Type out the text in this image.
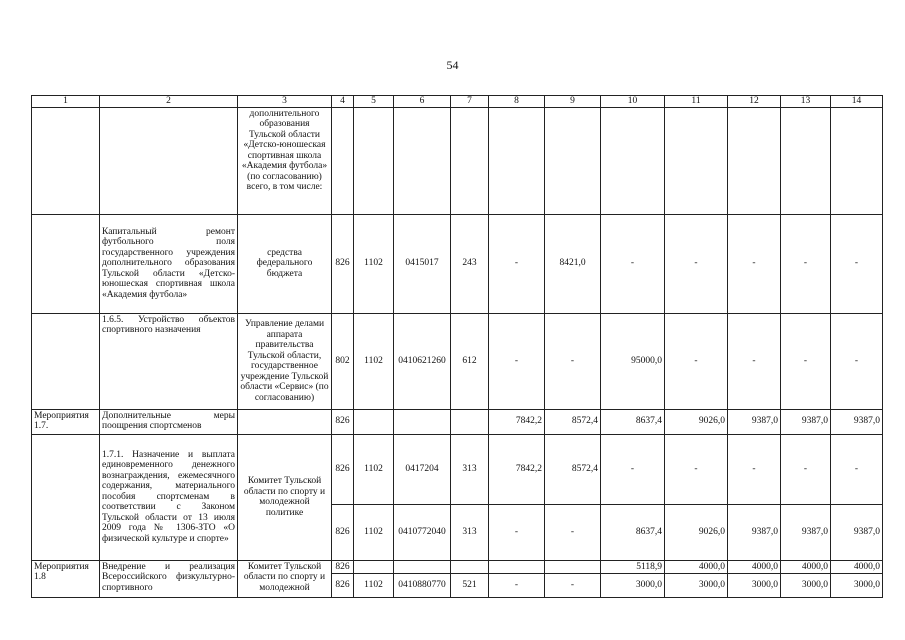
54
1	2	3	4	5	6	7	8	9	10	11	12	13	14
		дополнительного образования Тульской области «Детско-юношеская спортивная школа «Академия футбола» (по согласованию) всего, в том числе:											
	Капитальный ремонт футбольного поля государственного учреждения дополнительного образования Тульской области «Детско-юношеская спортивная школа «Академия футбола»	средства федерального бюджета	826	1102	0415017	243	-	8421,0	-	-	-	-	-
	1.6.5. Устройство объектов спортивного назначения	Управление делами аппарата правительства Тульской области, государственное учреждение Тульской области «Сервис» (по согласованию)	802	1102	0410621260	612	-	-	95000,0	-	-	-	-
Мероприятия 1.7.	Дополнительные меры поощрения спортсменов		826				7842,2	8572,4	8637,4	9026,0	9387,0	9387,0	9387,0
	1.7.1. Назначение и выплата единовременного денежного вознаграждения, ежемесячного содержания, материального пособия спортсменам в соответствии с Законом Тульской области от 13 июля 2009 года № 1306-ЗТО «О физической культуре и спорте»	Комитет Тульской области по спорту и молодежной политике	826	1102	0417204	313	7842,2	8572,4	-	-	-	-	-
			826	1102	0410772040	313	-	-	8637,4	9026,0	9387,0	9387,0	9387,0
Мероприятия 1.8	Внедрение и реализация Всероссийского физкультурно-спортивного	Комитет Тульской области по спорту и молодежной	826						5118,9	4000,0	4000,0	4000,0	4000,0
			826	1102	0410880770	521	-	-	3000,0	3000,0	3000,0	3000,0	3000,0
